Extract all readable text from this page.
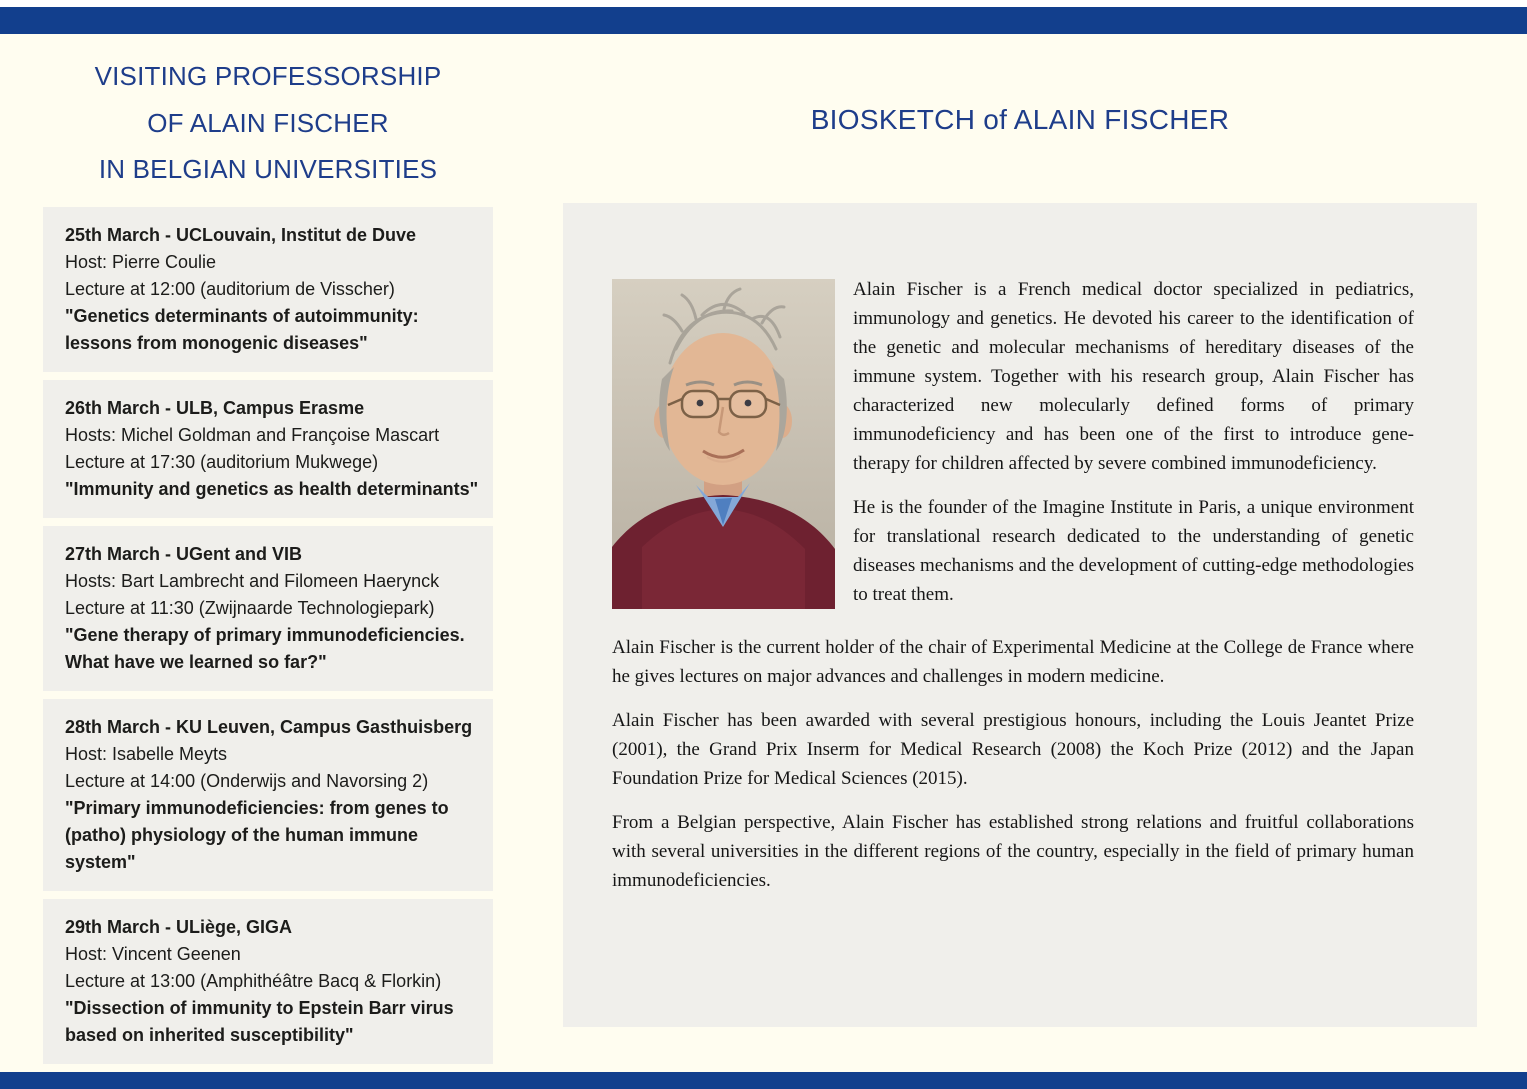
VISITING PROFESSORSHIP
OF ALAIN FISCHER
IN BELGIAN UNIVERSITIES
25th March - UCLouvain, Institut de Duve
Host: Pierre Coulie
Lecture at 12:00 (auditorium de Visscher)
"Genetics determinants of autoimmunity: lessons from monogenic diseases"
26th March - ULB, Campus Erasme
Hosts: Michel Goldman and Françoise Mascart
Lecture at 17:30 (auditorium Mukwege)
"Immunity and genetics as health determinants"
27th March - UGent and VIB
Hosts: Bart Lambrecht and Filomeen Haerynck
Lecture at 11:30 (Zwijnaarde Technologiepark)
"Gene therapy of primary immunodeficiencies. What have we learned so far?"
28th March - KU Leuven, Campus Gasthuisberg
Host: Isabelle Meyts
Lecture at 14:00 (Onderwijs and Navorsing 2)
"Primary immunodeficiencies: from genes to (patho) physiology of the human immune system"
29th March - ULiège, GIGA
Host: Vincent Geenen
Lecture at 13:00 (Amphithéâtre Bacq & Florkin)
"Dissection of immunity to Epstein Barr virus based on inherited susceptibility"
BIOSKETCH of ALAIN FISCHER

Alain Fischer is a French medical doctor specialized in pediatrics, immunology and genetics. He devoted his career to the identification of the genetic and molecular mechanisms of hereditary diseases of the immune system. Together with his research group, Alain Fischer has characterized new molecularly defined forms of primary immunodeficiency and has been one of the first to introduce gene-therapy for children affected by severe combined immunodeficiency.

He is the founder of the Imagine Institute in Paris, a unique environment for translational research dedicated to the understanding of genetic diseases mechanisms and the development of cutting-edge methodologies to treat them.

Alain Fischer is the current holder of the chair of Experimental Medicine at the College de France where he gives lectures on major advances and challenges in modern medicine.

Alain Fischer has been awarded with several prestigious honours, including the Louis Jeantet Prize (2001), the Grand Prix Inserm for Medical Research (2008) the Koch Prize (2012) and the Japan Foundation Prize for Medical Sciences (2015).

From a Belgian perspective, Alain Fischer has established strong relations and fruitful collaborations with several universities in the different regions of the country, especially in the field of primary human immunodeficiencies.
